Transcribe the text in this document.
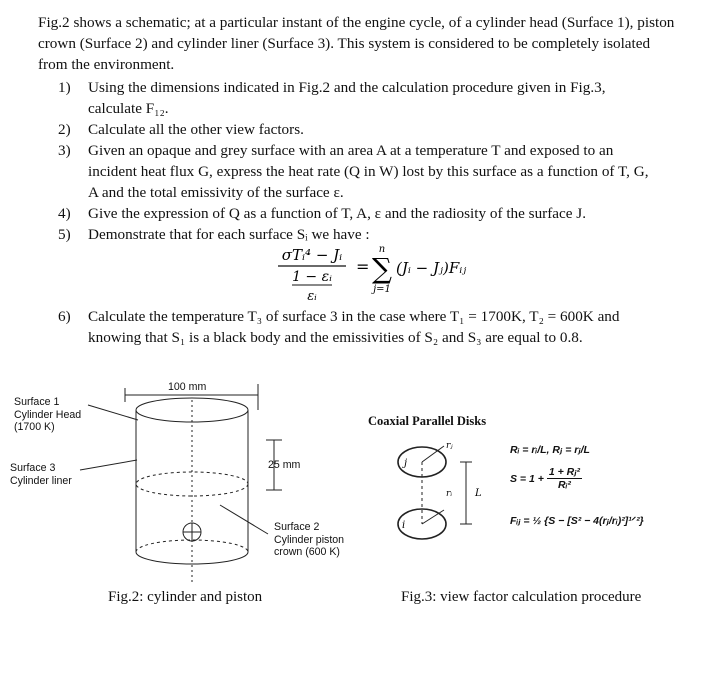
Fig.2 shows a schematic; at a particular instant of the engine cycle, of a cylinder head (Surface 1), piston crown (Surface 2) and cylinder liner (Surface 3). This system is considered to be completely isolated from the environment.
1)	Using the dimensions indicated in Fig.2 and the calculation procedure given in Fig.3, calculate F₁₂.
2)	Calculate all the other view factors.
3)	Given an opaque and grey surface with an area A at a temperature T and exposed to an incident heat flux G, express the heat rate (Q in W) lost by this surface as a function of T, G, A and the total emissivity of the surface ε.
4)	Give the expression of Q as a function of T, A, ε and the radiosity of the surface J.
5)	Demonstrate that for each surface Sᵢ we have :
σTᵢ⁴ − Jᵢ
1 − εᵢ
εᵢ
=
n
∑
j=1
(Jᵢ − Jⱼ)Fᵢⱼ
6)	Calculate the temperature T₃ of surface 3 in the case where T₁ = 1700K, T₂ = 600K and knowing that S₁ is a black body and the emissivities of S₂ and S₃ are equal to 0.8.
100 mm
25 mm
Surface 1
Cylinder Head
(1700 K)
Surface 3
Cylinder liner
Surface 2
Cylinder piston
crown (600 K)
Fig.2: cylinder and piston
Coaxial Parallel Disks
j
i
rⱼ
rᵢ L
Rᵢ = rᵢ/L, Rⱼ = rⱼ/L
$S = 1 + \frac{\text{1 + Rⱼ²}}{\text{Rᵢ²}}$
Fᵢⱼ = ½ {S − [S² − 4(rⱼ/rᵢ)²]¹ᐟ²}
Fig.3: view factor calculation procedure
